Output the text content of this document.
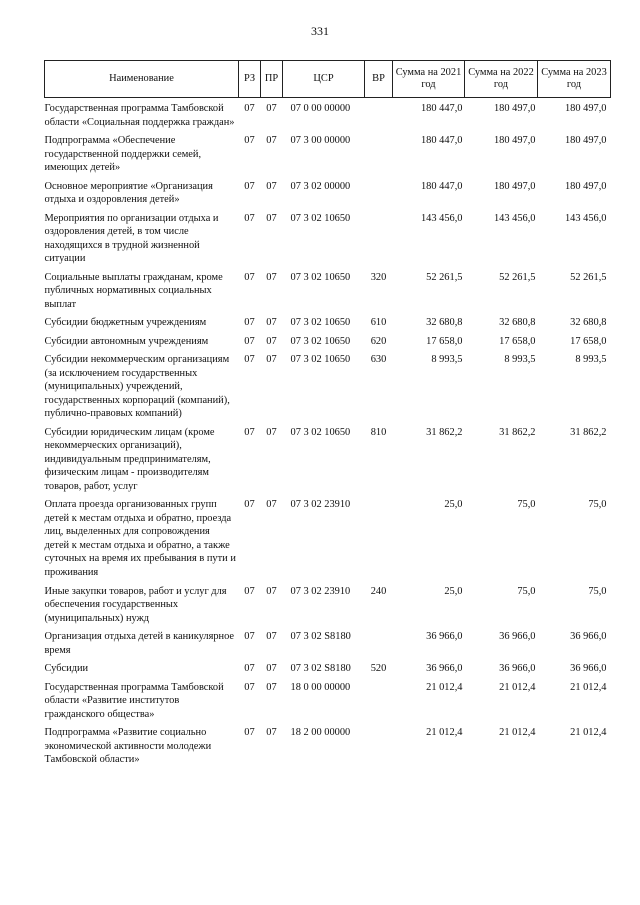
331
Наименование	РЗ	ПР	ЦСР	ВР	Сумма на 2021 год	Сумма на 2022 год	Сумма на 2023 год
Государственная программа Тамбовской области «Социальная поддержка граждан»	07	07	07 0 00 00000		180 447,0	180 497,0	180 497,0
Подпрограмма «Обеспечение государственной поддержки семей, имеющих детей»	07	07	07 3 00 00000		180 447,0	180 497,0	180 497,0
Основное мероприятие «Организация отдыха и оздоровления детей»	07	07	07 3 02 00000		180 447,0	180 497,0	180 497,0
Мероприятия по организации отдыха и оздоровления детей, в том числе находящихся в трудной жизненной ситуации	07	07	07 3 02 10650		143 456,0	143 456,0	143 456,0
Социальные выплаты гражданам, кроме публичных нормативных социальных выплат	07	07	07 3 02 10650	320	52 261,5	52 261,5	52 261,5
Субсидии бюджетным учреждениям	07	07	07 3 02 10650	610	32 680,8	32 680,8	32 680,8
Субсидии автономным учреждениям	07	07	07 3 02 10650	620	17 658,0	17 658,0	17 658,0
Субсидии некоммерческим организациям (за исключением государственных (муниципальных) учреждений, государственных корпораций (компаний), публично-правовых компаний)	07	07	07 3 02 10650	630	8 993,5	8 993,5	8 993,5
Субсидии юридическим лицам (кроме некоммерческих организаций), индивидуальным предпринимателям, физическим лицам - производителям товаров, работ, услуг	07	07	07 3 02 10650	810	31 862,2	31 862,2	31 862,2
Оплата проезда организованных групп детей к местам отдыха и обратно, проезда лиц, выделенных для сопровождения детей к местам отдыха и обратно, а также суточных на время их пребывания в пути и проживания	07	07	07 3 02 23910		25,0	75,0	75,0
Иные закупки товаров, работ и услуг для обеспечения государственных (муниципальных) нужд	07	07	07 3 02 23910	240	25,0	75,0	75,0
Организация отдыха детей в каникулярное время	07	07	07 3 02 S8180		36 966,0	36 966,0	36 966,0
Субсидии	07	07	07 3 02 S8180	520	36 966,0	36 966,0	36 966,0
Государственная программа Тамбовской области «Развитие институтов гражданского общества»	07	07	18 0 00 00000		21 012,4	21 012,4	21 012,4
Подпрограмма «Развитие социально экономической активности молодежи Тамбовской области»	07	07	18 2 00 00000		21 012,4	21 012,4	21 012,4
